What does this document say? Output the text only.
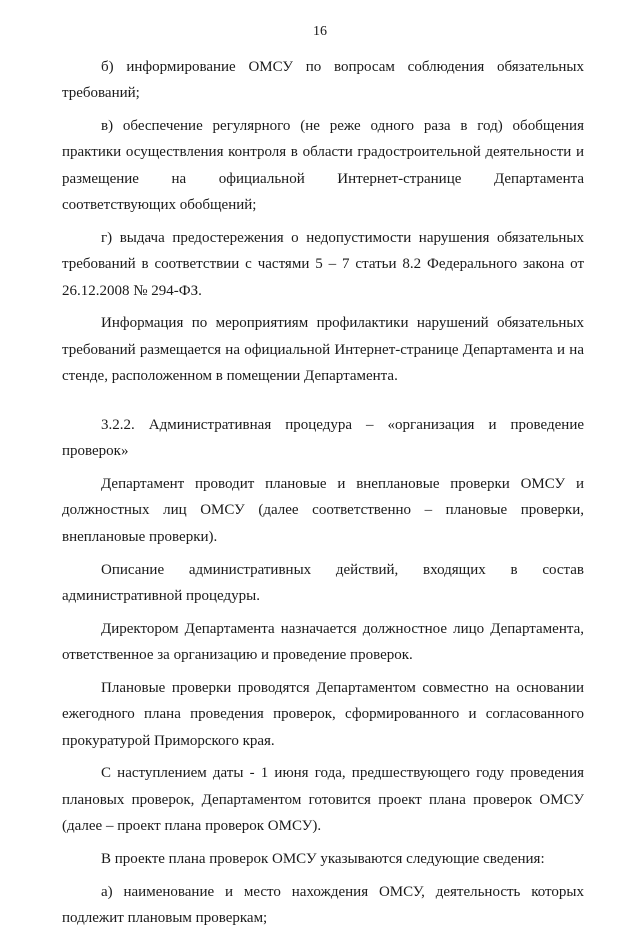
16

б) информирование ОМСУ по вопросам соблюдения обязательных требований;

в) обеспечение регулярного (не реже одного раза в год) обобщения практики осуществления контроля в области градостроительной деятельности и размещение на официальной Интернет-странице Департамента соответствующих обобщений;

г) выдача предостережения о недопустимости нарушения обязательных требований в соответствии с частями 5 – 7 статьи 8.2 Федерального закона от 26.12.2008 № 294-ФЗ.

Информация по мероприятиям профилактики нарушений обязательных требований размещается на официальной Интернет-странице Департамента и на стенде, расположенном в помещении Департамента.

3.2.2. Административная процедура – «организация и проведение проверок»

Департамент проводит плановые и внеплановые проверки ОМСУ и должностных лиц ОМСУ (далее соответственно – плановые проверки, внеплановые проверки).

Описание административных действий, входящих в состав административной процедуры.

Директором Департамента назначается должностное лицо Департамента, ответственное за организацию и проведение проверок.

Плановые проверки проводятся Департаментом совместно на основании ежегодного плана проведения проверок, сформированного и согласованного прокуратурой Приморского края.

С наступлением даты - 1 июня года, предшествующего году проведения плановых проверок, Департаментом готовится проект плана проверок ОМСУ (далее – проект плана проверок ОМСУ).

В проекте плана проверок ОМСУ указываются следующие сведения:

а) наименование и место нахождения ОМСУ, деятельность которых подлежит плановым проверкам;
